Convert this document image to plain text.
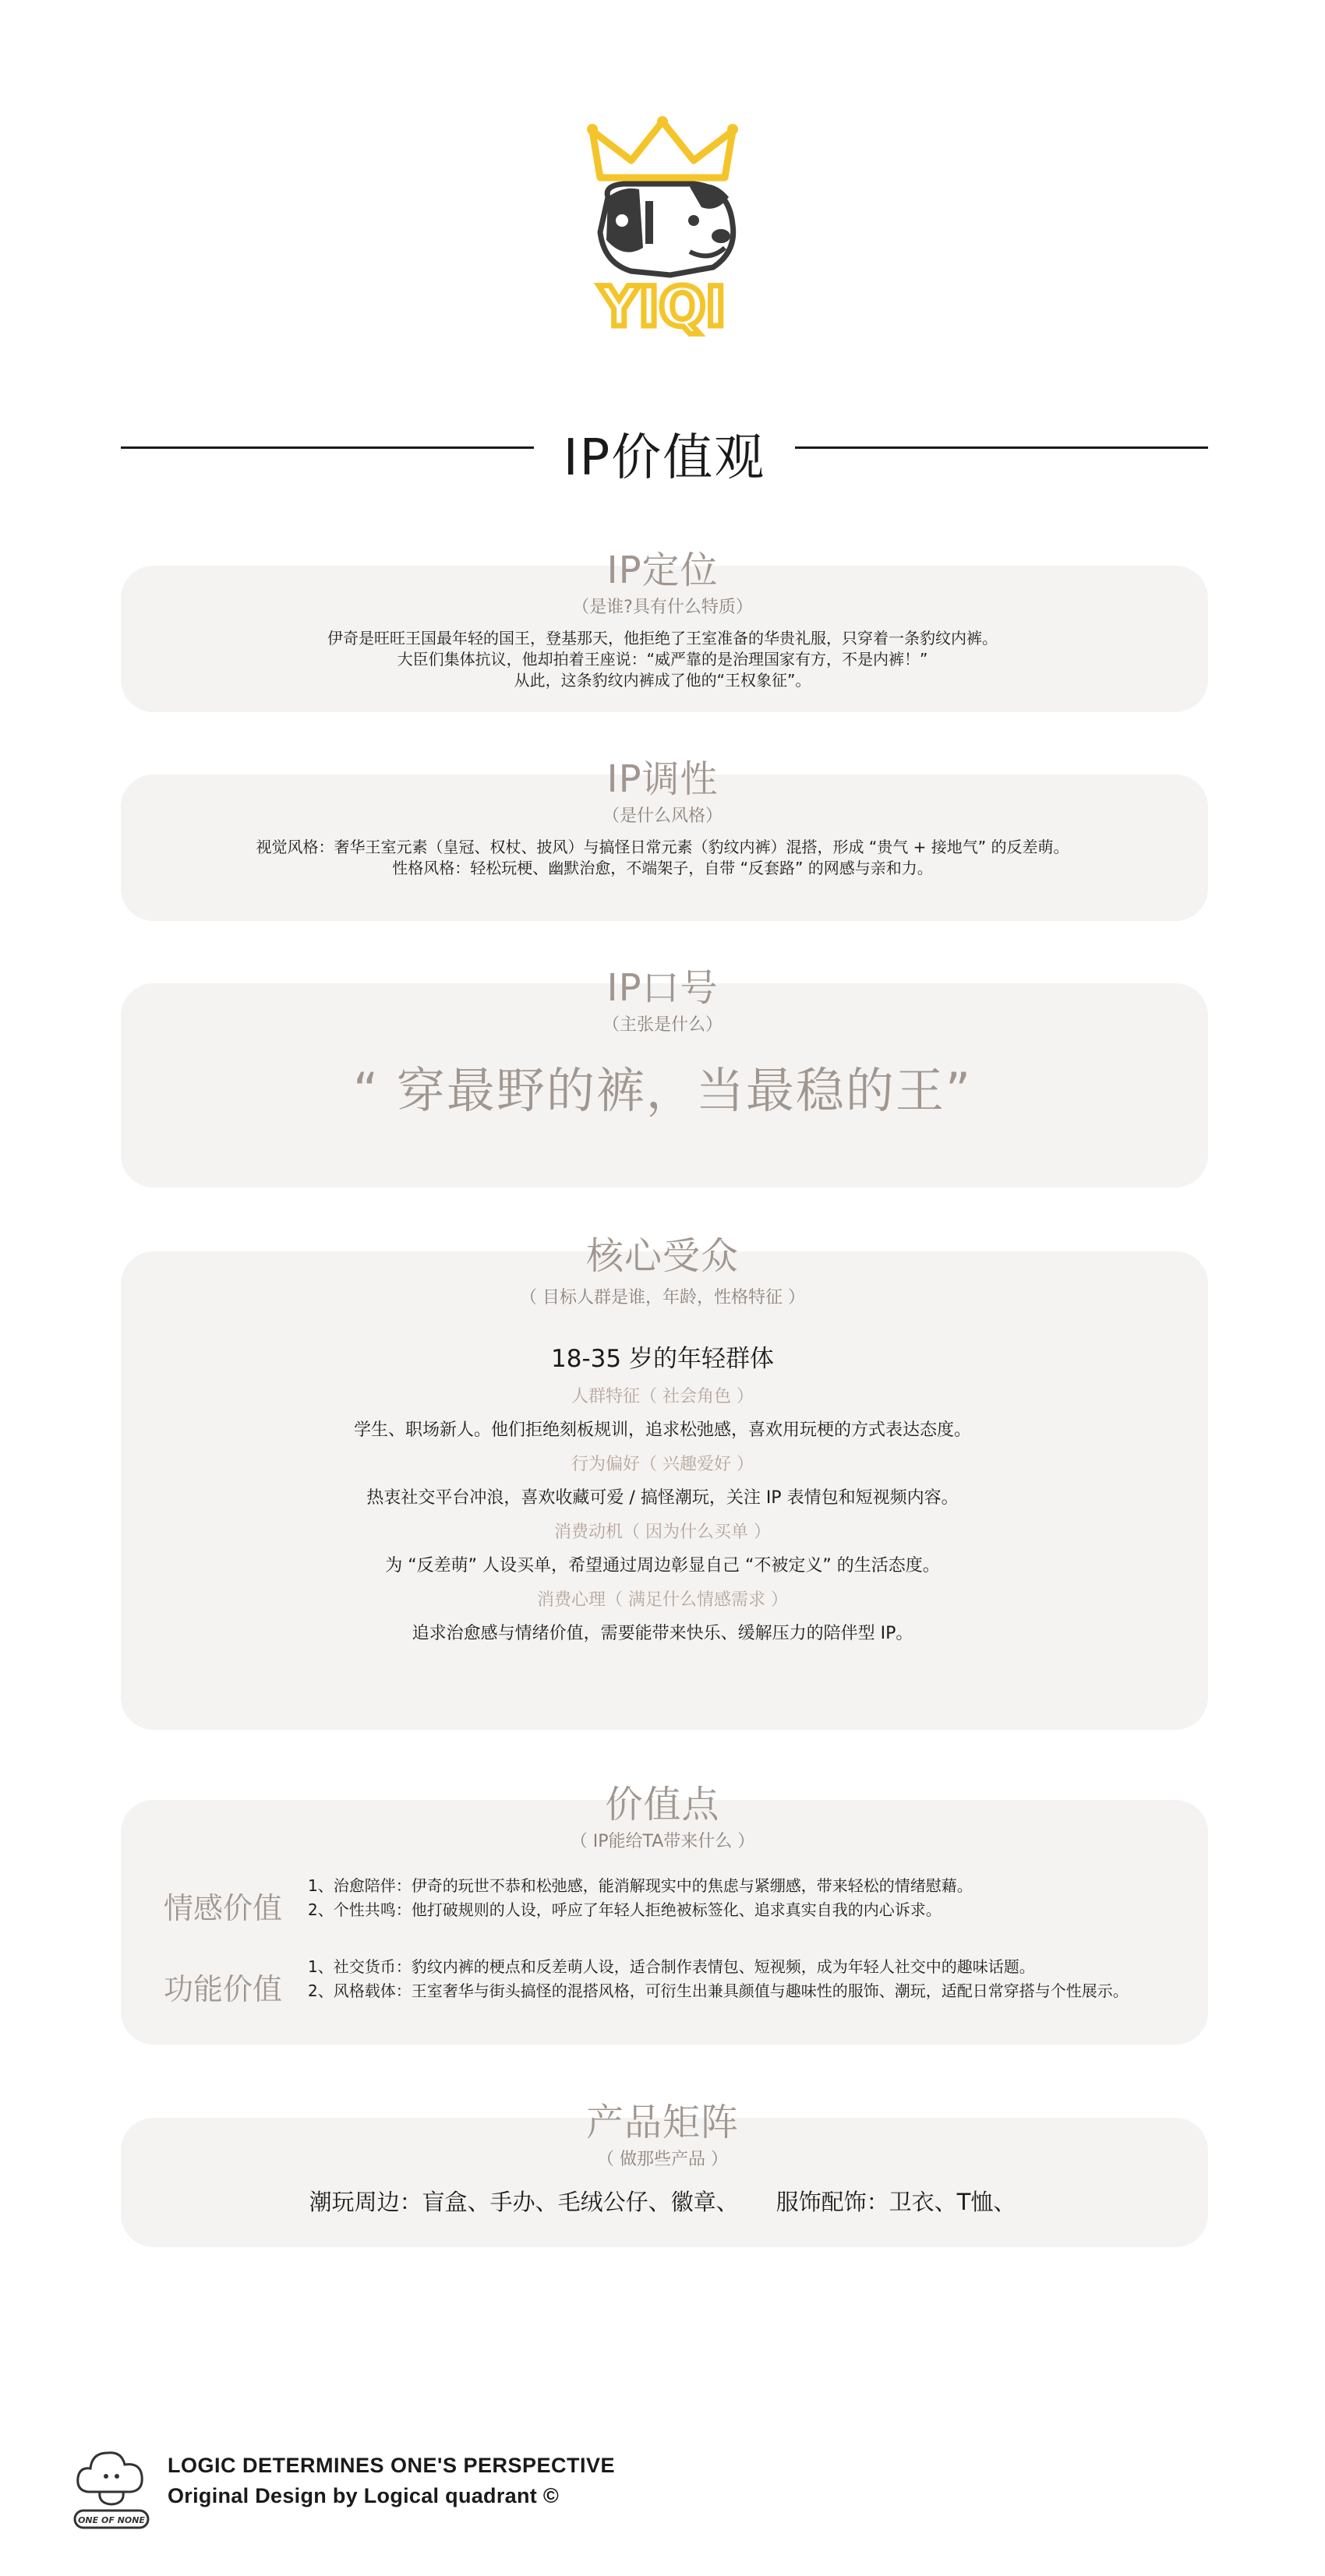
YIQI
IP价值观
IP定位
（是谁?具有什么特质）
伊奇是旺旺王国最年轻的国王，登基那天，他拒绝了王室准备的华贵礼服，只穿着一条豹纹内裤。
大臣们集体抗议，他却拍着王座说：“威严靠的是治理国家有方，不是内裤！”
从此，这条豹纹内裤成了他的“王权象征”。
IP调性
（是什么风格）
视觉风格：奢华王室元素（皇冠、权杖、披风）与搞怪日常元素（豹纹内裤）混搭，形成 “贵气 + 接地气” 的反差萌。
性格风格：轻松玩梗、幽默治愈，不端架子，自带 “反套路” 的网感与亲和力。
IP口号
（主张是什么）
“ 穿最野的裤，当最稳的王”
核心受众
（ 目标人群是谁，年龄，性格特征 ）
18-35 岁的年轻群体
人群特征（ 社会角色 ）
学生、职场新人。他们拒绝刻板规训，追求松弛感，喜欢用玩梗的方式表达态度。
行为偏好（ 兴趣爱好 ）
热衷社交平台冲浪，喜欢收藏可爱 / 搞怪潮玩，关注 IP 表情包和短视频内容。
消费动机（ 因为什么买单 ）
为 “反差萌” 人设买单，希望通过周边彰显自己 “不被定义” 的生活态度。
消费心理（ 满足什么情感需求 ）
追求治愈感与情绪价值，需要能带来快乐、缓解压力的陪伴型 IP。
价值点
（ IP能给TA带来什么 ）
情感价值
1、治愈陪伴：伊奇的玩世不恭和松弛感，能消解现实中的焦虑与紧绷感，带来轻松的情绪慰藉。
2、个性共鸣：他打破规则的人设，呼应了年轻人拒绝被标签化、追求真实自我的内心诉求。
功能价值
1、社交货币：豹纹内裤的梗点和反差萌人设，适合制作表情包、短视频，成为年轻人社交中的趣味话题。
2、风格载体：王室奢华与街头搞怪的混搭风格，可衍生出兼具颜值与趣味性的服饰、潮玩，适配日常穿搭与个性展示。
产品矩阵
（ 做那些产品 ）
潮玩周边：盲盒、手办、毛绒公仔、徽章、 服饰配饰：卫衣、T恤、
ONE OF NONE
LOGIC DETERMINES ONE'S PERSPECTIVE
Original Design by Logical quadrant ©
